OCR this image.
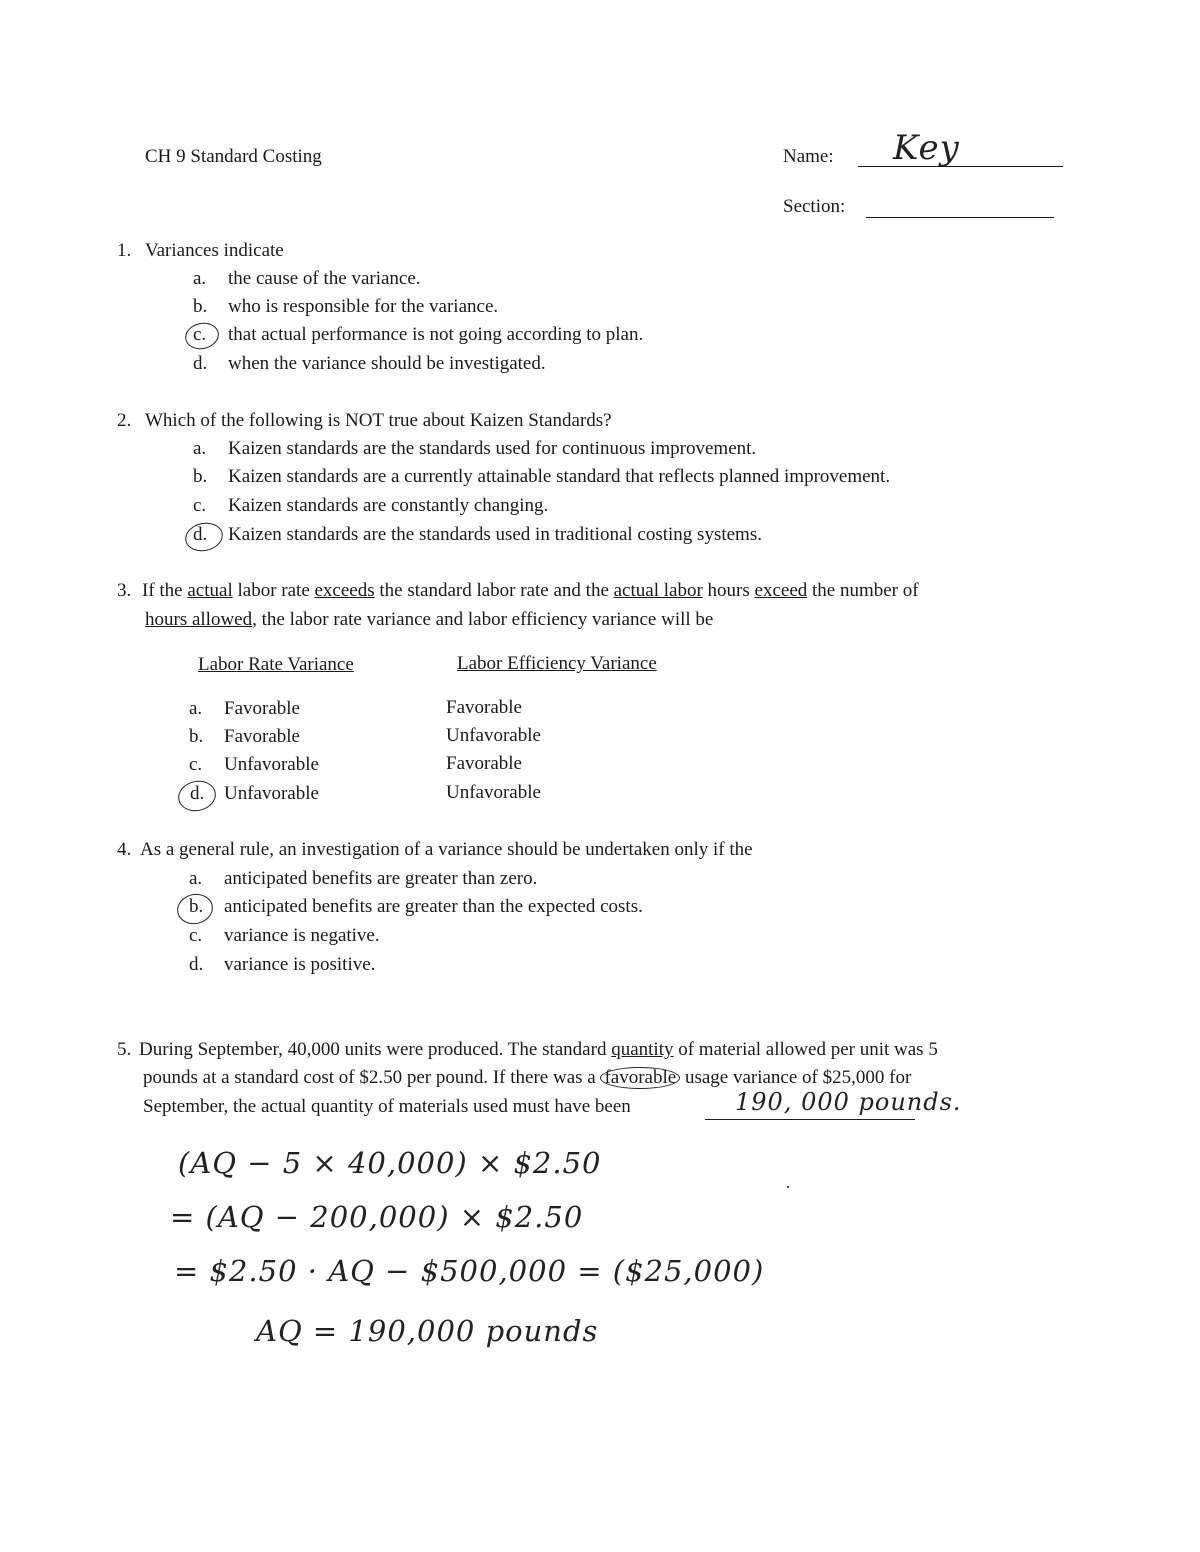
CH 9 Standard Costing	Name: Key
Section:
1. Variances indicate
a. the cause of the variance.
b. who is responsible for the variance.
c. that actual performance is not going according to plan.
d. when the variance should be investigated.
2. Which of the following is NOT true about Kaizen Standards?
a. Kaizen standards are the standards used for continuous improvement.
b. Kaizen standards are a currently attainable standard that reflects planned improvement.
c. Kaizen standards are constantly changing.
d. Kaizen standards are the standards used in traditional costing systems.
3. If the actual labor rate exceeds the standard labor rate and the actual labor hours exceed the number of
hours allowed, the labor rate variance and labor efficiency variance will be
Labor Rate Variance	Labor Efficiency Variance
a. Favorable	Favorable
b. Favorable	Unfavorable
c. Unfavorable	Favorable
d. Unfavorable	Unfavorable
4. As a general rule, an investigation of a variance should be undertaken only if the
a. anticipated benefits are greater than zero.
b. anticipated benefits are greater than the expected costs.
c. variance is negative.
d. variance is positive.
5. During September, 40,000 units were produced. The standard quantity of material allowed per unit was 5
pounds at a standard cost of $2.50 per pound. If there was a favorable usage variance of $25,000 for
September, the actual quantity of materials used must have been	190, 000 pounds.
(AQ − 5 × 40,000) × $2.50
= (AQ − 200,000) × $2.50
= $2.50 · AQ − $500,000 = ($25,000)
AQ = 190,000 pounds
